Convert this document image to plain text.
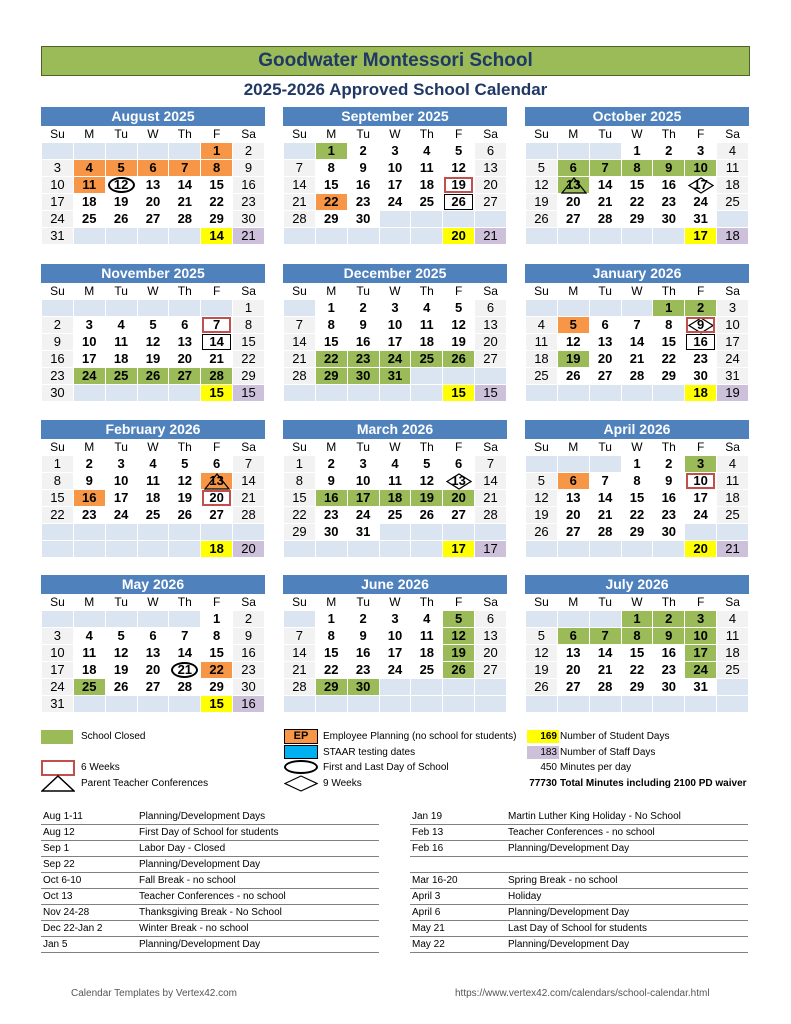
Goodwater Montessori School
2025-2026 Approved School Calendar
August 2025
Su	M	Tu	W	Th	F	Sa
					1	2
3	4	5	6	7	8	9
10	11	12	13	14	15	16
17	18	19	20	21	22	23
24	25	26	27	28	29	30
31					14	21
September 2025
Su	M	Tu	W	Th	F	Sa
	1	2	3	4	5	6
7	8	9	10	11	12	13
14	15	16	17	18	19	20
21	22	23	24	25	26	27
28	29	30				
					20	21
October 2025
Su	M	Tu	W	Th	F	Sa
			1	2	3	4
5	6	7	8	9	10	11
12	13	14	15	16	17	18
19	20	21	22	23	24	25
26	27	28	29	30	31	
					17	18
November 2025
Su	M	Tu	W	Th	F	Sa
						1
2	3	4	5	6	7	8
9	10	11	12	13	14	15
16	17	18	19	20	21	22
23	24	25	26	27	28	29
30					15	15
December 2025
Su	M	Tu	W	Th	F	Sa
	1	2	3	4	5	6
7	8	9	10	11	12	13
14	15	16	17	18	19	20
21	22	23	24	25	26	27
28	29	30	31			
					15	15
January 2026
Su	M	Tu	W	Th	F	Sa
				1	2	3
4	5	6	7	8	9	10
11	12	13	14	15	16	17
18	19	20	21	22	23	24
25	26	27	28	29	30	31
					18	19
February 2026
Su	M	Tu	W	Th	F	Sa
1	2	3	4	5	6	7
8	9	10	11	12	13	14
15	16	17	18	19	20	21
22	23	24	25	26	27	28

					18	20
March 2026
Su	M	Tu	W	Th	F	Sa
1	2	3	4	5	6	7
8	9	10	11	12	13	14
15	16	17	18	19	20	21
22	23	24	25	26	27	28
29	30	31				
					17	17
April 2026
Su	M	Tu	W	Th	F	Sa
			1	2	3	4
5	6	7	8	9	10	11
12	13	14	15	16	17	18
19	20	21	22	23	24	25
26	27	28	29	30		
					20	21
May 2026
Su	M	Tu	W	Th	F	Sa
					1	2
3	4	5	6	7	8	9
10	11	12	13	14	15	16
17	18	19	20	21	22	23
24	25	26	27	28	29	30
31					15	16
June 2026
Su	M	Tu	W	Th	F	Sa
	1	2	3	4	5	6
7	8	9	10	11	12	13
14	15	16	17	18	19	20
21	22	23	24	25	26	27
28	29	30				

July 2026
Su	M	Tu	W	Th	F	Sa
			1	2	3	4
5	6	7	8	9	10	11
12	13	14	15	16	17	18
19	20	21	22	23	24	25
26	27	28	29	30	31	

School Closed
6 Weeks
Parent Teacher Conferences
EP	Employee Planning (no school for students)
STAAR testing dates
First and Last Day of School
9 Weeks
169 Number of Student Days
183 Number of Staff Days
450 Minutes per day
77730 Total Minutes including 2100 PD waiver
Aug 1-11	Planning/Development Days
Aug 12	First Day of School for students
Sep 1	Labor Day - Closed
Sep 22	Planning/Development Day
Oct 6-10	Fall Break - no school
Oct 13	Teacher Conferences - no school
Nov 24-28	Thanksgiving Break - No School
Dec 22-Jan 2	Winter Break - no school
Jan 5	Planning/Development Day
Jan 19	Martin Luther King Holiday - No School
Feb 13	Teacher Conferences - no school
Feb 16	Planning/Development Day
Mar 16-20	Spring Break - no school
April 3	Holiday
April 6	Planning/Development Day
May 21	Last Day of School for students
May 22	Planning/Development Day
Calendar Templates by Vertex42.com	https://www.vertex42.com/calendars/school-calendar.html
